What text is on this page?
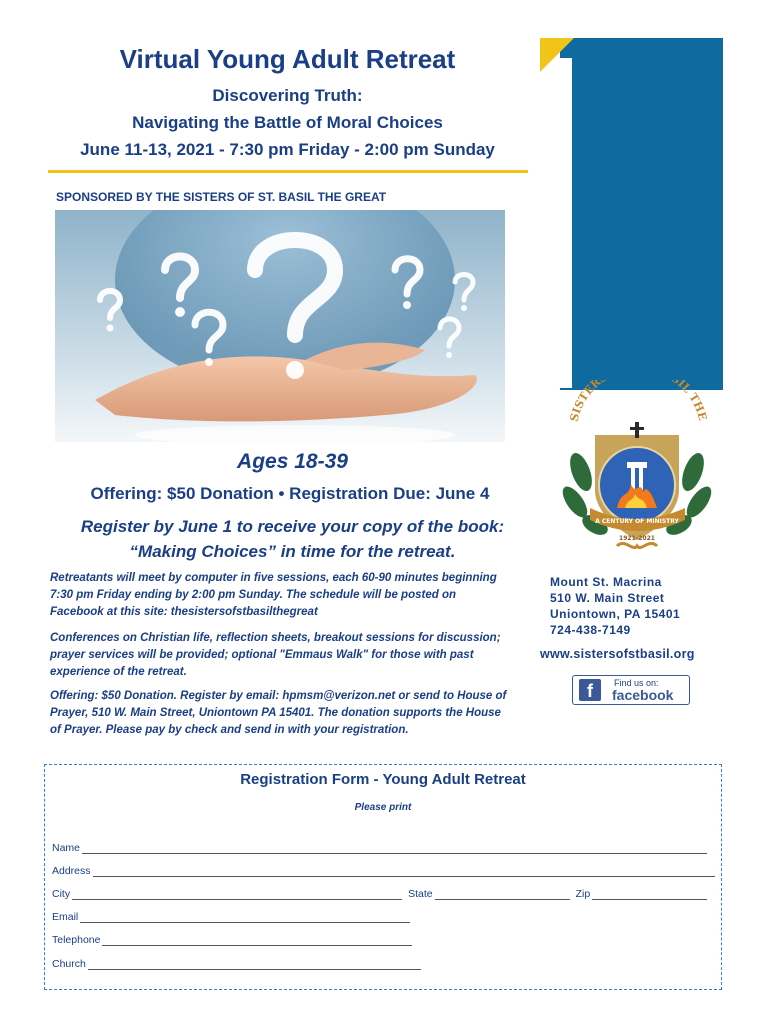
Virtual Young Adult Retreat
Discovering Truth:
Navigating the Battle of Moral Choices
June 11-13, 2021 - 7:30 pm Friday - 2:00 pm Sunday
SPONSORED BY THE SISTERS OF ST. BASIL THE GREAT
Ages 18-39
Offering: $50 Donation • Registration Due: June 4
Register by June 1 to receive your copy of the book:
“Making Choices” in time for the retreat.
Retreatants will meet by computer in five sessions, each 60-90 minutes beginning 7:30 pm Friday ending by 2:00 pm Sunday. The schedule will be posted on Facebook at this site: thesistersofstbasilthegreat
Conferences on Christian life, reflection sheets, breakout sessions for discussion; prayer services will be provided; optional "Emmaus Walk" for those with past experience of the retreat.
Offering: $50 Donation. Register by email: hpmsm@verizon.net or send to House of Prayer, 510 W. Main Street, Uniontown PA 15401. The donation supports the House of Prayer. Please pay by check and send in with your registration.
SISTER IL THE
A CENTURY OF MINISTRY
1921-2021
Mount St. Macrina
510 W. Main Street
Uniontown, PA 15401
724-438-7149
www.sistersofstbasil.org
f	Find us on:
facebook
Registration Form - Young Adult Retreat
Please print
Name
Address
City	State	Zip
Email
Telephone
Church
